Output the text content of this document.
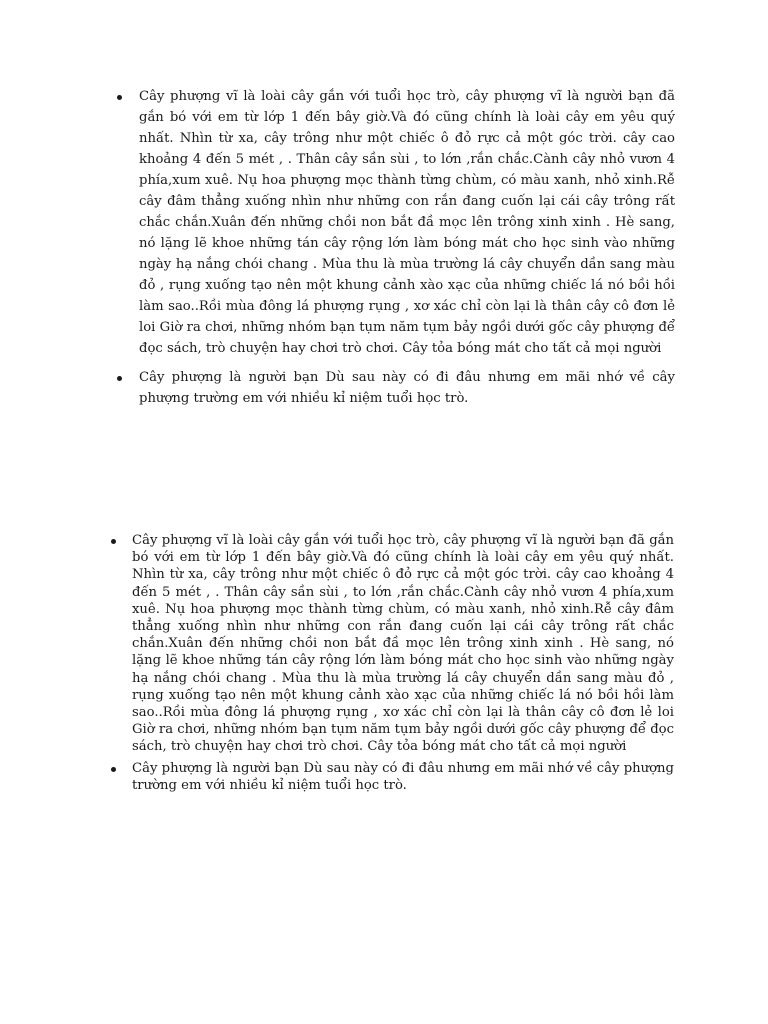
Cây phượng vĩ là loài cây gắn với tuổi học trò, cây phượng vĩ là người bạn đã gắn bó với em từ lớp 1 đến bây giờ.Và đó cũng chính là loài cây em yêu quý nhất. Nhìn từ xa, cây trông như một chiếc ô đỏ rực cả một góc trời. cây cao khoảng 4 đến 5 mét , . Thân cây sần sùi , to lớn ,rắn chắc.Cành cây nhỏ vươn 4 phía,xum xuê. Nụ hoa phượng mọc thành từng chùm, có màu xanh, nhỏ xinh.Rễ cây đâm thẳng xuống nhìn như những con rắn đang cuốn lại cái cây trông rất chắc chắn.Xuân đến những chồi non bắt đầ mọc lên trông xinh xinh . Hè sang, nó lặng lẽ khoe những tán cây rộng lớn làm bóng mát cho học sinh vào những ngày hạ nắng chói chang . Mùa thu là mùa trường lá cây chuyển dần sang màu đỏ , rụng xuống tạo nên một khung cảnh xào xạc của những chiếc lá nó bồi hồi làm sao..Rồi mùa đông lá phượng rụng , xơ xác chỉ còn lại là thân cây cô đơn lẻ loi Giờ ra chơi, những nhóm bạn tụm năm tụm bảy ngồi dưới gốc cây phượng để đọc sách, trò chuyện hay chơi trò chơi. Cây tỏa bóng mát cho tất cả mọi người
Cây phượng là người bạn Dù sau này có đi đâu nhưng em mãi nhớ về cây phượng trường em với nhiều kỉ niệm tuổi học trò.
Cây phượng vĩ là loài cây gắn với tuổi học trò, cây phượng vĩ là người bạn đã gắn bó với em từ lớp 1 đến bây giờ.Và đó cũng chính là loài cây em yêu quý nhất. Nhìn từ xa, cây trông như một chiếc ô đỏ rực cả một góc trời. cây cao khoảng 4 đến 5 mét , . Thân cây sần sùi , to lớn ,rắn chắc.Cành cây nhỏ vươn 4 phía,xum xuê. Nụ hoa phượng mọc thành từng chùm, có màu xanh, nhỏ xinh.Rễ cây đâm thẳng xuống nhìn như những con rắn đang cuốn lại cái cây trông rất chắc chắn.Xuân đến những chồi non bắt đầ mọc lên trông xinh xinh . Hè sang, nó lặng lẽ khoe những tán cây rộng lớn làm bóng mát cho học sinh vào những ngày hạ nắng chói chang . Mùa thu là mùa trường lá cây chuyển dần sang màu đỏ , rụng xuống tạo nên một khung cảnh xào xạc của những chiếc lá nó bồi hồi làm sao..Rồi mùa đông lá phượng rụng , xơ xác chỉ còn lại là thân cây cô đơn lẻ loi Giờ ra chơi, những nhóm bạn tụm năm tụm bảy ngồi dưới gốc cây phượng để đọc sách, trò chuyện hay chơi trò chơi. Cây tỏa bóng mát cho tất cả mọi người
Cây phượng là người bạn Dù sau này có đi đâu nhưng em mãi nhớ về cây phượng trường em với nhiều kỉ niệm tuổi học trò.
